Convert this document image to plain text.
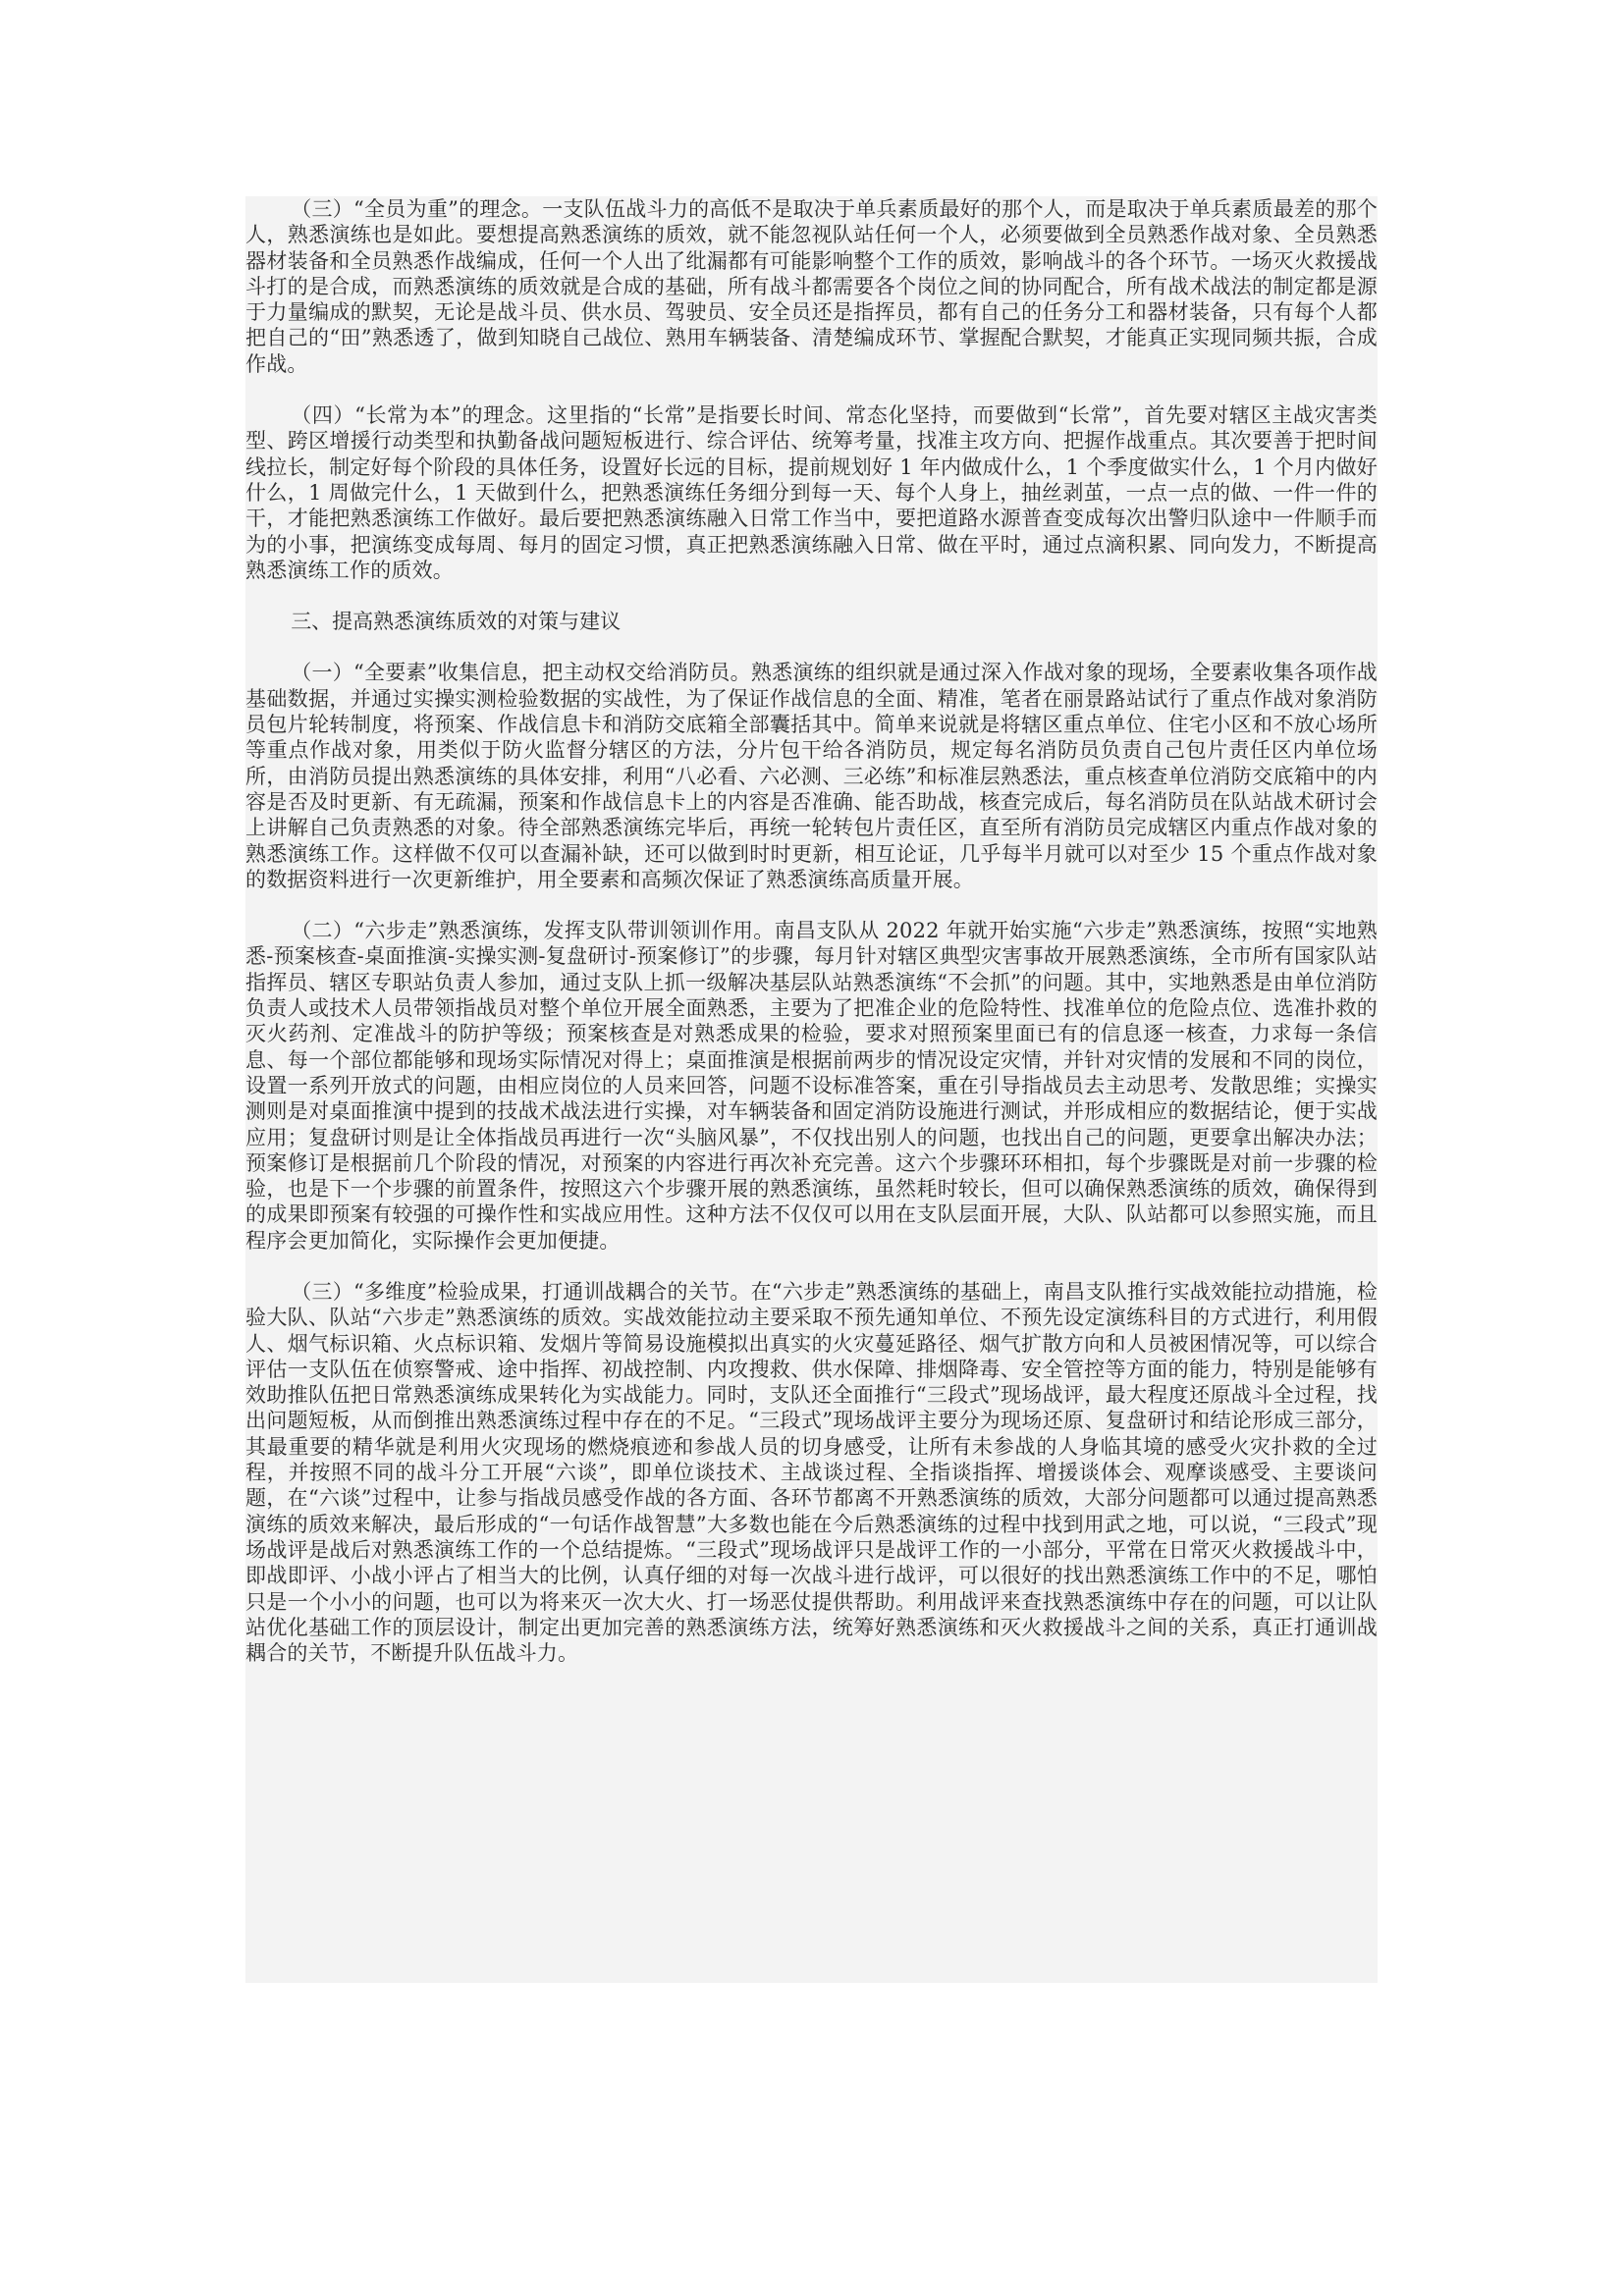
（三）“全员为重”的理念。一支队伍战斗力的高低不是取决于单兵素质最好的那个人，而是取决于单兵素质最差的那个人，熟悉演练也是如此。要想提高熟悉演练的质效，就不能忽视队站任何一个人，必须要做到全员熟悉作战对象、全员熟悉器材装备和全员熟悉作战编成，任何一个人出了纰漏都有可能影响整个工作的质效，影响战斗的各个环节。一场灭火救援战斗打的是合成，而熟悉演练的质效就是合成的基础，所有战斗都需要各个岗位之间的协同配合，所有战术战法的制定都是源于力量编成的默契，无论是战斗员、供水员、驾驶员、安全员还是指挥员，都有自己的任务分工和器材装备，只有每个人都把自己的“田”熟悉透了，做到知晓自己战位、熟用车辆装备、清楚编成环节、掌握配合默契，才能真正实现同频共振，合成作战。

（四）“长常为本”的理念。这里指的“长常”是指要长时间、常态化坚持，而要做到“长常”，首先要对辖区主战灾害类型、跨区增援行动类型和执勤备战问题短板进行、综合评估、统筹考量，找准主攻方向、把握作战重点。其次要善于把时间线拉长，制定好每个阶段的具体任务，设置好长远的目标，提前规划好 1 年内做成什么，1 个季度做实什么，1 个月内做好什么，1 周做完什么，1 天做到什么，把熟悉演练任务细分到每一天、每个人身上，抽丝剥茧，一点一点的做、一件一件的干，才能把熟悉演练工作做好。最后要把熟悉演练融入日常工作当中，要把道路水源普查变成每次出警归队途中一件顺手而为的小事，把演练变成每周、每月的固定习惯，真正把熟悉演练融入日常、做在平时，通过点滴积累、同向发力，不断提高熟悉演练工作的质效。

三、提高熟悉演练质效的对策与建议

（一）“全要素”收集信息，把主动权交给消防员。熟悉演练的组织就是通过深入作战对象的现场，全要素收集各项作战基础数据，并通过实操实测检验数据的实战性，为了保证作战信息的全面、精准，笔者在丽景路站试行了重点作战对象消防员包片轮转制度，将预案、作战信息卡和消防交底箱全部囊括其中。简单来说就是将辖区重点单位、住宅小区和不放心场所等重点作战对象，用类似于防火监督分辖区的方法，分片包干给各消防员，规定每名消防员负责自己包片责任区内单位场所，由消防员提出熟悉演练的具体安排，利用“八必看、六必测、三必练”和标准层熟悉法，重点核查单位消防交底箱中的内容是否及时更新、有无疏漏，预案和作战信息卡上的内容是否准确、能否助战，核查完成后，每名消防员在队站战术研讨会上讲解自己负责熟悉的对象。待全部熟悉演练完毕后，再统一轮转包片责任区，直至所有消防员完成辖区内重点作战对象的熟悉演练工作。这样做不仅可以查漏补缺，还可以做到时时更新，相互论证，几乎每半月就可以对至少 15 个重点作战对象的数据资料进行一次更新维护，用全要素和高频次保证了熟悉演练高质量开展。

（二）“六步走”熟悉演练，发挥支队带训领训作用。南昌支队从 2022 年就开始实施“六步走”熟悉演练，按照“实地熟悉-预案核查-桌面推演-实操实测-复盘研讨-预案修订”的步骤，每月针对辖区典型灾害事故开展熟悉演练，全市所有国家队站指挥员、辖区专职站负责人参加，通过支队上抓一级解决基层队站熟悉演练“不会抓”的问题。其中，实地熟悉是由单位消防负责人或技术人员带领指战员对整个单位开展全面熟悉，主要为了把准企业的危险特性、找准单位的危险点位、选准扑救的灭火药剂、定准战斗的防护等级；预案核查是对熟悉成果的检验，要求对照预案里面已有的信息逐一核查，力求每一条信息、每一个部位都能够和现场实际情况对得上；桌面推演是根据前两步的情况设定灾情，并针对灾情的发展和不同的岗位，设置一系列开放式的问题，由相应岗位的人员来回答，问题不设标准答案，重在引导指战员去主动思考、发散思维；实操实测则是对桌面推演中提到的技战术战法进行实操，对车辆装备和固定消防设施进行测试，并形成相应的数据结论，便于实战应用；复盘研讨则是让全体指战员再进行一次“头脑风暴”，不仅找出别人的问题，也找出自己的问题，更要拿出解决办法；预案修订是根据前几个阶段的情况，对预案的内容进行再次补充完善。这六个步骤环环相扣，每个步骤既是对前一步骤的检验，也是下一个步骤的前置条件，按照这六个步骤开展的熟悉演练，虽然耗时较长，但可以确保熟悉演练的质效，确保得到的成果即预案有较强的可操作性和实战应用性。这种方法不仅仅可以用在支队层面开展，大队、队站都可以参照实施，而且程序会更加简化，实际操作会更加便捷。

（三）“多维度”检验成果，打通训战耦合的关节。在“六步走”熟悉演练的基础上，南昌支队推行实战效能拉动措施，检验大队、队站“六步走”熟悉演练的质效。实战效能拉动主要采取不预先通知单位、不预先设定演练科目的方式进行，利用假人、烟气标识箱、火点标识箱、发烟片等简易设施模拟出真实的火灾蔓延路径、烟气扩散方向和人员被困情况等，可以综合评估一支队伍在侦察警戒、途中指挥、初战控制、内攻搜救、供水保障、排烟降毒、安全管控等方面的能力，特别是能够有效助推队伍把日常熟悉演练成果转化为实战能力。同时，支队还全面推行“三段式”现场战评，最大程度还原战斗全过程，找出问题短板，从而倒推出熟悉演练过程中存在的不足。“三段式”现场战评主要分为现场还原、复盘研讨和结论形成三部分，其最重要的精华就是利用火灾现场的燃烧痕迹和参战人员的切身感受，让所有未参战的人身临其境的感受火灾扑救的全过程，并按照不同的战斗分工开展“六谈”，即单位谈技术、主战谈过程、全指谈指挥、增援谈体会、观摩谈感受、主要谈问题，在“六谈”过程中，让参与指战员感受作战的各方面、各环节都离不开熟悉演练的质效，大部分问题都可以通过提高熟悉演练的质效来解决，最后形成的“一句话作战智慧”大多数也能在今后熟悉演练的过程中找到用武之地，可以说，“三段式”现场战评是战后对熟悉演练工作的一个总结提炼。“三段式”现场战评只是战评工作的一小部分，平常在日常灭火救援战斗中，即战即评、小战小评占了相当大的比例，认真仔细的对每一次战斗进行战评，可以很好的找出熟悉演练工作中的不足，哪怕只是一个小小的问题，也可以为将来灭一次大火、打一场恶仗提供帮助。利用战评来查找熟悉演练中存在的问题，可以让队站优化基础工作的顶层设计，制定出更加完善的熟悉演练方法，统筹好熟悉演练和灭火救援战斗之间的关系，真正打通训战耦合的关节，不断提升队伍战斗力。
